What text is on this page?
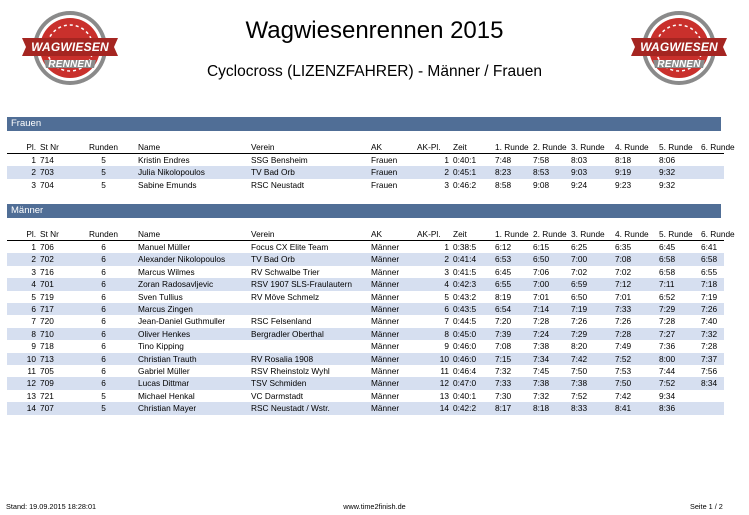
WAGWIESEN
RENNEN
WAGWIESEN
RENNEN
Wagwiesenrennen 2015
Cyclocross (LIZENZFAHRER) - Männer / Frauen
Frauen
Pl.	St Nr	Runden	Name	Verein	AK	AK-Pl.	Zeit	1. Runde	2. Runde	3. Runde	4. Runde	5. Runde	6. Runde
1	714	5	Kristin Endres	SSG Bensheim	Frauen	1	0:40:1	7:48	7:58	8:03	8:18	8:06	
2	703	5	Julia Nikolopoulos	TV Bad Orb	Frauen	2	0:45:1	8:23	8:53	9:03	9:19	9:32	
3	704	5	Sabine Emunds	RSC Neustadt	Frauen	3	0:46:2	8:58	9:08	9:24	9:23	9:32	
Männer
Pl.	St Nr	Runden	Name	Verein	AK	AK-Pl.	Zeit	1. Runde	2. Runde	3. Runde	4. Runde	5. Runde	6. Runde
1	706	6	Manuel Müller	Focus CX Elite Team	Männer	1	0:38:5	6:12	6:15	6:25	6:35	6:45	6:41
2	702	6	Alexander Nikolopoulos	TV Bad Orb	Männer	2	0:41:4	6:53	6:50	7:00	7:08	6:58	6:58
3	716	6	Marcus Wilmes	RV Schwalbe Trier	Männer	3	0:41:5	6:45	7:06	7:02	7:02	6:58	6:55
4	701	6	Zoran Radosavljevic	RSV 1907 SLS-Fraulautern	Männer	4	0:42:3	6:55	7:00	6:59	7:12	7:11	7:18
5	719	6	Sven Tullius	RV Möve Schmelz	Männer	5	0:43:2	8:19	7:01	6:50	7:01	6:52	7:19
6	717	6	Marcus Zingen		Männer	6	0:43:5	6:54	7:14	7:19	7:33	7:29	7:26
7	720	6	Jean-Daniel Guthmuller	RSC Felsenland	Männer	7	0:44:5	7:20	7:28	7:26	7:26	7:28	7:40
8	710	6	Oliver Henkes	Bergradler Oberthal	Männer	8	0:45:0	7:39	7:24	7:29	7:28	7:27	7:32
9	718	6	Tino Kipping		Männer	9	0:46:0	7:08	7:38	8:20	7:49	7:36	7:28
10	713	6	Christian Trauth	RV Rosalia 1908	Männer	10	0:46:0	7:15	7:34	7:42	7:52	8:00	7:37
11	705	6	Gabriel Müller	RSV Rheinstolz Wyhl	Männer	11	0:46:4	7:32	7:45	7:50	7:53	7:44	7:56
12	709	6	Lucas Dittmar	TSV Schmiden	Männer	12	0:47:0	7:33	7:38	7:38	7:50	7:52	8:34
13	721	5	Michael Henkal	VC Darmstadt	Männer	13	0:40:1	7:30	7:32	7:52	7:42	9:34	
14	707	5	Christian Mayer	RSC Neustadt / Wstr.	Männer	14	0:42:2	8:17	8:18	8:33	8:41	8:36	
Stand: 19.09.2015 18:28:01	www.time2finish.de	Seite 1 / 2
